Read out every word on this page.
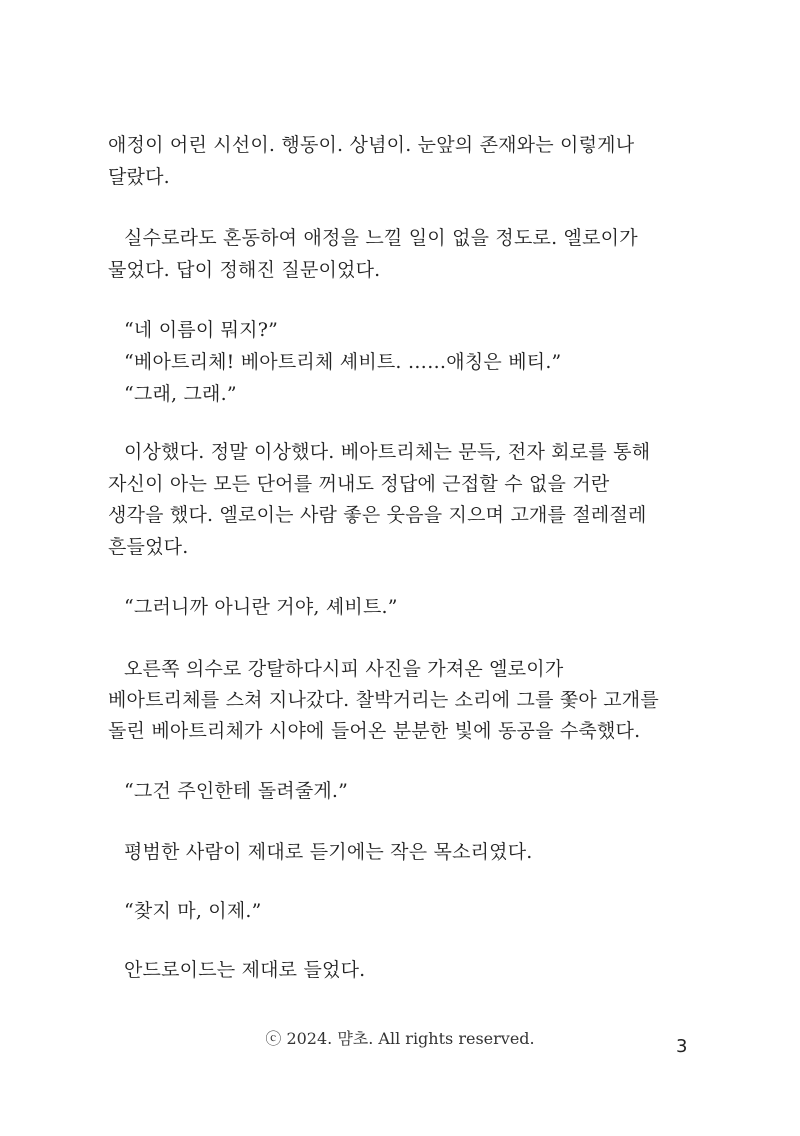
애정이 어린 시선이. 행동이. 상념이. 눈앞의 존재와는 이렇게나
달랐다.
실수로라도 혼동하여 애정을 느낄 일이 없을 정도로. 엘로이가
물었다. 답이 정해진 질문이었다.
“네 이름이 뭐지?”
“베아트리체! 베아트리체 셰비트. ……애칭은 베티.”
“그래, 그래.”
이상했다. 정말 이상했다. 베아트리체는 문득, 전자 회로를 통해
자신이 아는 모든 단어를 꺼내도 정답에 근접할 수 없을 거란
생각을 했다. 엘로이는 사람 좋은 웃음을 지으며 고개를 절레절레
흔들었다.
“그러니까 아니란 거야, 셰비트.”
오른쪽 의수로 강탈하다시피 사진을 가져온 엘로이가
베아트리체를 스쳐 지나갔다. 찰박거리는 소리에 그를 쫓아 고개를
돌린 베아트리체가 시야에 들어온 분분한 빛에 동공을 수축했다.
“그건 주인한테 돌려줄게.”
평범한 사람이 제대로 듣기에는 작은 목소리였다.
“찾지 마, 이제.”
안드로이드는 제대로 들었다.
ⓒ 2024. 먐초. All rights reserved.	3
